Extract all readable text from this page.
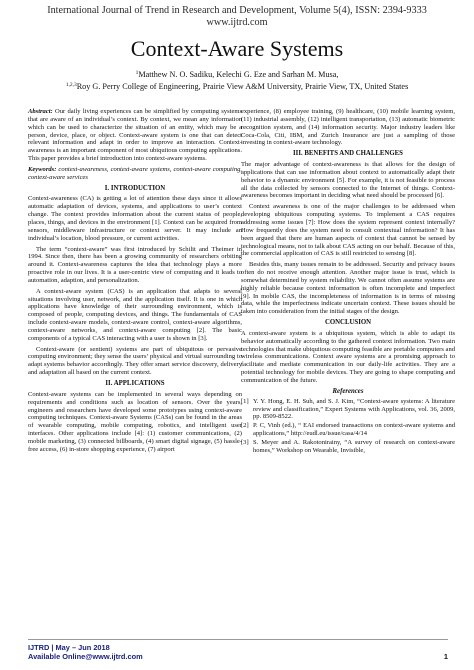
International Journal of Trend in Research and Development, Volume 5(4), ISSN: 2394-9333
www.ijtrd.com
Context-Aware Systems
$^1$Matthew N. O. Sadiku, Kelechi G. Eze and Sarhan M. Musa,
$^{1,2,3}$Roy G. Perry College of Engineering, Prairie View A&M University, Prairie View, TX, United States

Abstract: Our daily living experiences can be simplified by computing systems that are aware of an individual’s context. By context, we mean any information which can be used to characterize the situation of an entity, which may be a person, device, place, or object. Context-aware system is one that can detect relevant information and adapt in order to improve an interaction. Context-awareness is an important component of most ubiquitous computing applications. This paper provides a brief introduction into context-aware systems.

Keywords: context-awareness, context-aware systems, context-aware computing, context-aware services

I. INTRODUCTION

Context-awareness (CA) is getting a lot of attention these days since it allows automatic adaptation of devices, systems, and applications to user’s context change. The context provides information about the current status of people, places, things, and devices in the environment [1]. Context can be acquired from sensors, middleware infrastructure or context server. It may include an individual’s location, blood pressure, or current activities.

The term “context-aware” was first introduced by Schilit and Theimer in 1994. Since then, there has been a growing community of researchers orbiting around it. Context-awareness captures the idea that technology plays a more proactive role in our lives. It is a user-centric view of computing and it leads to automation, adaption, and personalization.

A context-aware system (CAS) is an application that adapts to several situations involving user, network, and the application itself. It is one in which applications have knowledge of their surrounding environment, which is composed of people, computing devices, and things. The fundamentals of CAS include context-aware models, context-aware control, context-aware algorithms, context-aware networks, and context-aware computing [2]. The basic components of a typical CAS interacting with a user is shown in [3].

Context-aware (or sentient) systems are part of ubiquitous or pervasive computing environment; they sense the users’ physical and virtual surrounding to adapt systems behavior accordingly. They offer smart service discovery, delivery and adaptation all based on the current context.

II. APPLICATIONS

Context-aware systems can be implemented in several ways depending on requirements and conditions such as location of sensors. Over the years, engineers and researchers have developed some prototypes using context-aware computing techniques. Context-aware Systems (CASs) can be found in the areas of wearable computing, mobile computing, robotics, and intelligent user interfaces. Other applications include [4]: (1) customer communications, (2) mobile marketing, (3) connected billboards, (4) smart digital signage, (5) hassle-free access, (6) in-store shopping experience, (7) airport

experience, (8) employee training, (9) healthcare, (10) mobile learning system, (11) industrial assembly, (12) intelligent transportation, (13) automatic biometric recognition system, and (14) information security. Major industry leaders like Coca-Cola, Citi, IBM, and Zurich Insurance are just a sampling of those investing in context-aware technology.

III. BENEFITS AND CHALLENGES

The major advantage of context-awareness is that allows for the design of applications that can use information about context to automatically adapt their behavior to a dynamic environment [5]. For example, it is not feasible to process all the data collected by sensors connected to the Internet of things. Context-awareness becomes important in deciding what need should be processed [6].

Context awareness is one of the major challenges to be addressed when developing ubiquitous computing systems. To implement a CAS requires addressing some issues [7]: How does the system represent context internally? How frequently does the system need to consult contextual information? It has been argued that there are human aspects of context that cannot be sensed by technological means, not to talk about CAS acting on our behalf. Because of this, the commercial application of CAS is still restricted to sensing [8].

Besides this, many issues remain to be addressed. Security and privacy issues often do not receive enough attention. Another major issue is trust, which is somewhat determined by system reliability. We cannot often assume systems are highly reliable because context information is often incomplete and imperfect [9]. In mobile CAS, the incompleteness of information is in terms of missing data, while the imperfectness indicate uncertain context. These issues should be taken into consideration from the initial stages of the design.

CONCLUSION

A context-aware system is a ubiquitous system, which is able to adapt its behavior automatically according to the gathered context information. Two main technologies that make ubiquitous computing feasible are portable computers and wireless communications. Context aware systems are a promising approach to facilitate and mediate communication in our daily-life activities. They are a potential technology for mobile devices. They are going to shape computing and communication of the future.

References
[1] Y. Y. Hong, E. H. Suh, and S. J. Kim, “Context-aware systems: A literature review and classification,” Expert Systems with Applications, vol. 36, 2009, pp. 8509-8522.
[2] P. C, Vinh (ed.), “ EAI endorsed transactions on context-aware systems and applications,” http://eudl.eu/issue/casa/4/14
[3] S. Meyer and A. Rakotonirainy, “A survey of research on context-aware homes,” Workshop on Wearable, Invisible,
IJTRD | May – Jun 2018
Available Online@www.ijtrd.com	1
